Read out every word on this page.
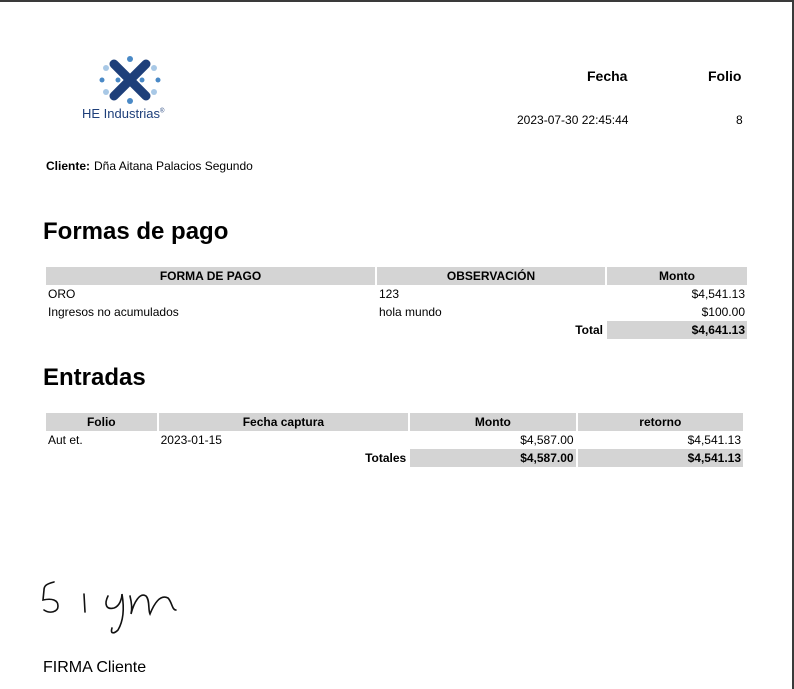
HE Industrias®
Fecha	Folio
2023-07-30 22:45:44	8
Cliente: Dña Aitana Palacios Segundo
Formas de pago
FORMA DE PAGO	OBSERVACIÓN	Monto
ORO	123	$4,541.13
Ingresos no acumulados	hola mundo	$100.00
	Total	$4,641.13
Entradas
Folio	Fecha captura	Monto	retorno
Aut et.	2023-01-15	$4,587.00	$4,541.13
	Totales	$4,587.00	$4,541.13
FIRMA Cliente
